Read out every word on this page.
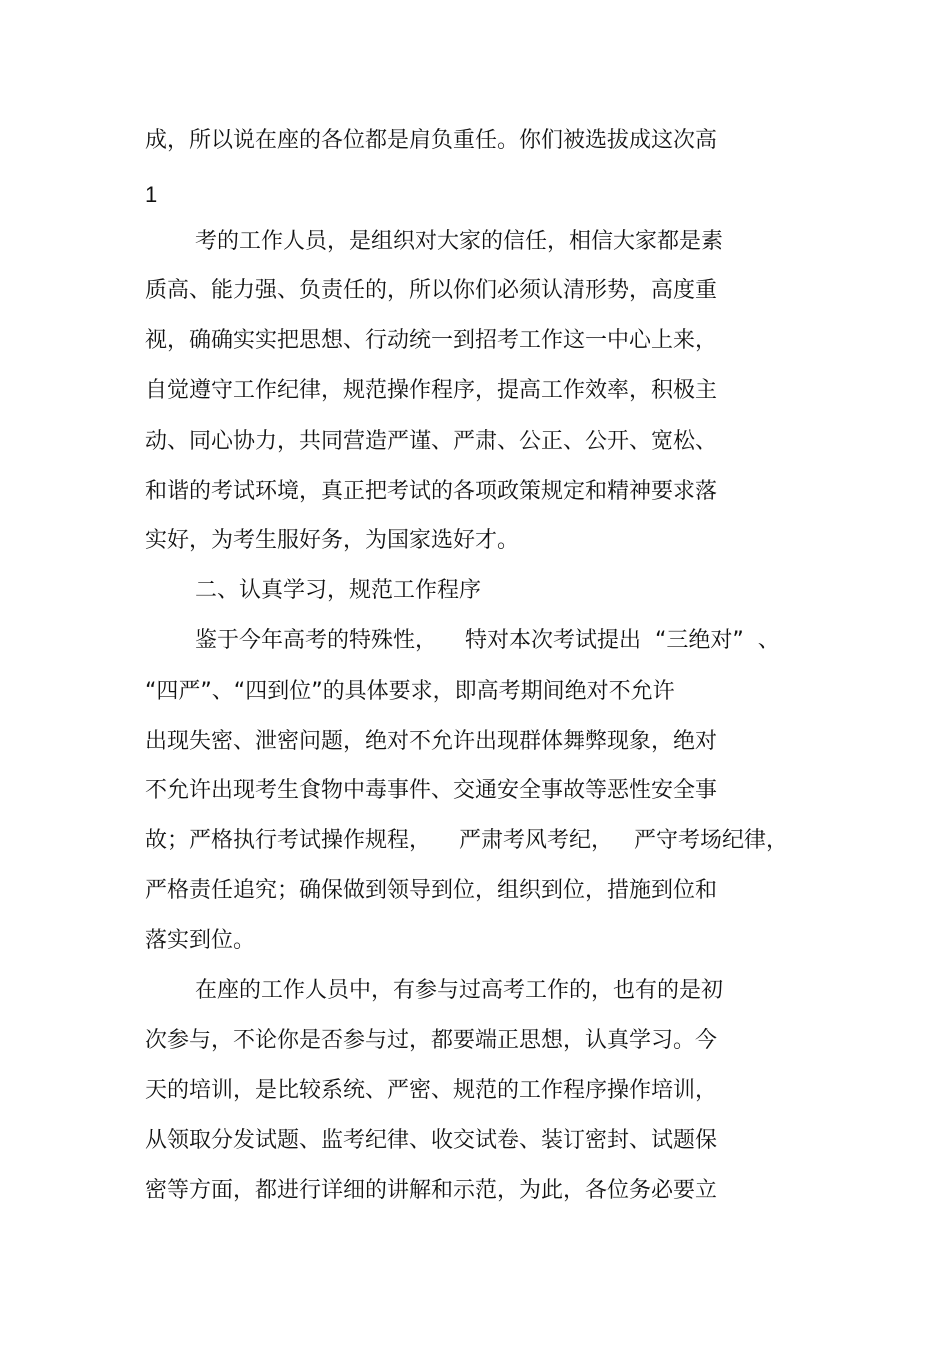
成，所以说在座的各位都是肩负重任。你们被选拔成这次高
1
考的工作人员，是组织对大家的信任，相信大家都是素
质高、能力强、负责任的，所以你们必须认清形势，高度重
视，确确实实把思想、行动统一到招考工作这一中心上来，
自觉遵守工作纪律，规范操作程序，提高工作效率，积极主
动、同心协力，共同营造严谨、严肃、公正、公开、宽松、
和谐的考试环境，真正把考试的各项政策规定和精神要求落
实好，为考生服好务，为国家选好才。
二、认真学习，规范工作程序
鉴于今年高考的特殊性，    特对本次考试提出  “三绝对”  、
“四严”、“四到位”的具体要求，即高考期间绝对不允许
出现失密、泄密问题，绝对不允许出现群体舞弊现象，绝对
不允许出现考生食物中毒事件、交通安全事故等恶性安全事
故；严格执行考试操作规程，    严肃考风考纪，   严守考场纪律，
严格责任追究；确保做到领导到位，组织到位，措施到位和
落实到位。
在座的工作人员中，有参与过高考工作的，也有的是初
次参与，不论你是否参与过，都要端正思想，认真学习。今
天的培训，是比较系统、严密、规范的工作程序操作培训，
从领取分发试题、监考纪律、收交试卷、装订密封、试题保
密等方面，都进行详细的讲解和示范，为此，各位务必要立
